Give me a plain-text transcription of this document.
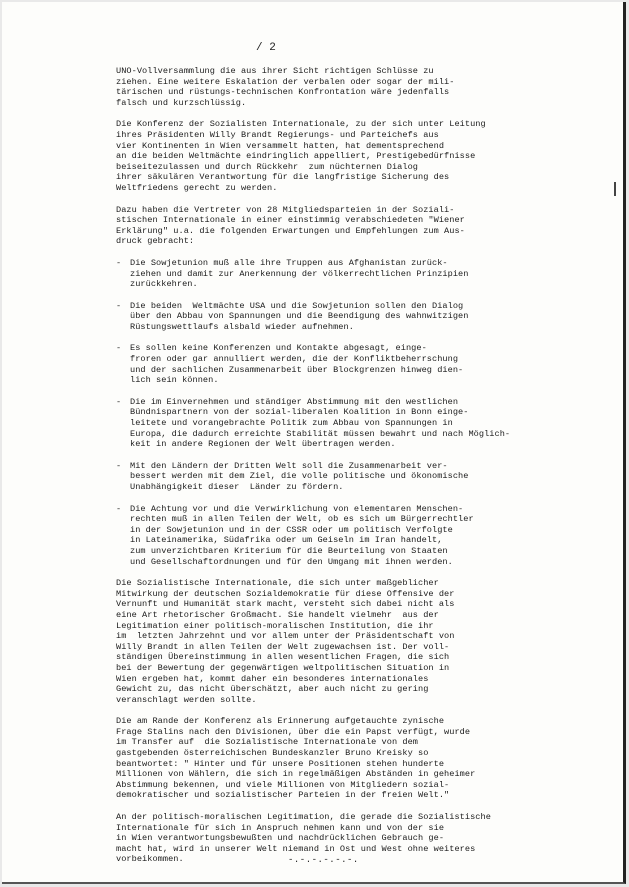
/ 2
UNO-Vollversammlung die aus ihrer Sicht richtigen Schlüsse zu
ziehen. Eine weitere Eskalation der verbalen oder sogar der mili-
tärischen und rüstungs-technischen Konfrontation wäre jedenfalls
falsch und kurzschlüssig.
Die Konferenz der Sozialisten Internationale, zu der sich unter Leitung
ihres Präsidenten Willy Brandt Regierungs- und Parteichefs aus
vier Kontinenten in Wien versammelt hatten, hat dementsprechend
an die beiden Weltmächte eindringlich appelliert, Prestigebedürfnisse
beiseitezulassen und durch Rückkehr  zum nüchternen Dialog
ihrer säkulären Verantwortung für die langfristige Sicherung des
Weltfriedens gerecht zu werden.
Dazu haben die Vertreter von 28 Mitgliedsparteien in der Soziali-
stischen Internationale in einer einstimmig verabschiedeten "Wiener
Erklärung" u.a. die folgenden Erwartungen und Empfehlungen zum Aus-
druck gebracht:
- Die Sowjetunion muß alle ihre Truppen aus Afghanistan zurück-
ziehen und damit zur Anerkennung der völkerrechtlichen Prinzipien
zurückkehren.
- Die beiden  Weltmächte USA und die Sowjetunion sollen den Dialog
über den Abbau von Spannungen und die Beendigung des wahnwitzigen
Rüstungswettlaufs alsbald wieder aufnehmen.
- Es sollen keine Konferenzen und Kontakte abgesagt, einge-
froren oder gar annulliert werden, die der Konfliktbeherrschung
und der sachlichen Zusammenarbeit über Blockgrenzen hinweg dien-
lich sein können.
- Die im Einvernehmen und ständiger Abstimmung mit den westlichen
Bündnispartnern von der sozial-liberalen Koalition in Bonn einge-
leitete und vorangebrachte Politik zum Abbau von Spannungen in
Europa, die dadurch erreichte Stabilität müssen bewahrt und nach Möglich-
keit in andere Regionen der Welt übertragen werden.
- Mit den Ländern der Dritten Welt soll die Zusammenarbeit ver-
bessert werden mit dem Ziel, die volle politische und ökonomische
Unabhängigkeit dieser  Länder zu fördern.
- Die Achtung vor und die Verwirklichung von elementaren Menschen-
rechten muß in allen Teilen der Welt, ob es sich um Bürgerrechtler
in der Sowjetunion und in der CSSR oder um politisch Verfolgte
in Lateinamerika, Südafrika oder um Geiseln im Iran handelt,
zum unverzichtbaren Kriterium für die Beurteilung von Staaten
und Gesellschaftordnungen und für den Umgang mit ihnen werden.
Die Sozialistische Internationale, die sich unter maßgeblicher
Mitwirkung der deutschen Sozialdemokratie für diese Offensive der
Vernunft und Humanität stark macht, versteht sich dabei nicht als
eine Art rhetorischer Großmacht. Sie handelt vielmehr  aus der
Legitimation einer politisch-moralischen Institution, die ihr
im  letzten Jahrzehnt und vor allem unter der Präsidentschaft von
Willy Brandt in allen Teilen der Welt zugewachsen ist. Der voll-
ständigen Übereinstimmung in allen wesentlichen Fragen, die sich
bei der Bewertung der gegenwärtigen weltpolitischen Situation in
Wien ergeben hat, kommt daher ein besonderes internationales
Gewicht zu, das nicht überschätzt, aber auch nicht zu gering
veranschlagt werden sollte.
Die am Rande der Konferenz als Erinnerung aufgetauchte zynische
Frage Stalins nach den Divisionen, über die ein Papst verfügt, wurde
im Transfer auf  die Sozialistische Internationale von dem
gastgebenden österreichischen Bundeskanzler Bruno Kreisky so
beantwortet: " Hinter und für unsere Positionen stehen hunderte
Millionen von Wählern, die sich in regelmäßigen Abständen in geheimer
Abstimmung bekennen, und viele Millionen von Mitgliedern sozial-
demokratischer und sozialistischer Parteien in der freien Welt."
An der politisch-moralischen Legitimation, die gerade die Sozialistische
Internationale für sich in Anspruch nehmen kann und von der sie
in Wien verantwortungsbewußten und nachdrücklichen Gebrauch ge-
macht hat, wird in unserer Welt niemand in Ost und West ohne weiteres
vorbeikommen.	-.-.-.-.-.-.
